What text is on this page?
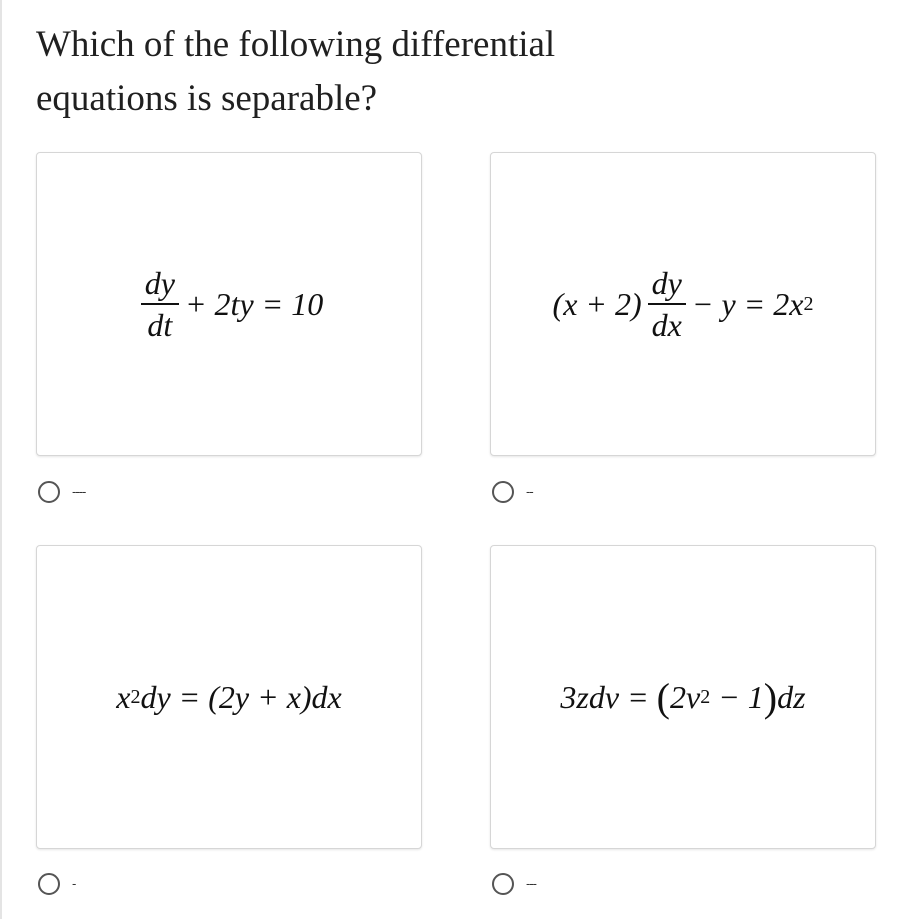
Which of the following differential equations is separable?
$\frac{dy}{dt} + 2ty = 10$
----
$(x + 2) \frac{dy}{dx} - y = 2x$ 2
--
x 2 dy = (2y + x)dx
-
3zdv = ( 2v 2 − 1 ) dz
---
